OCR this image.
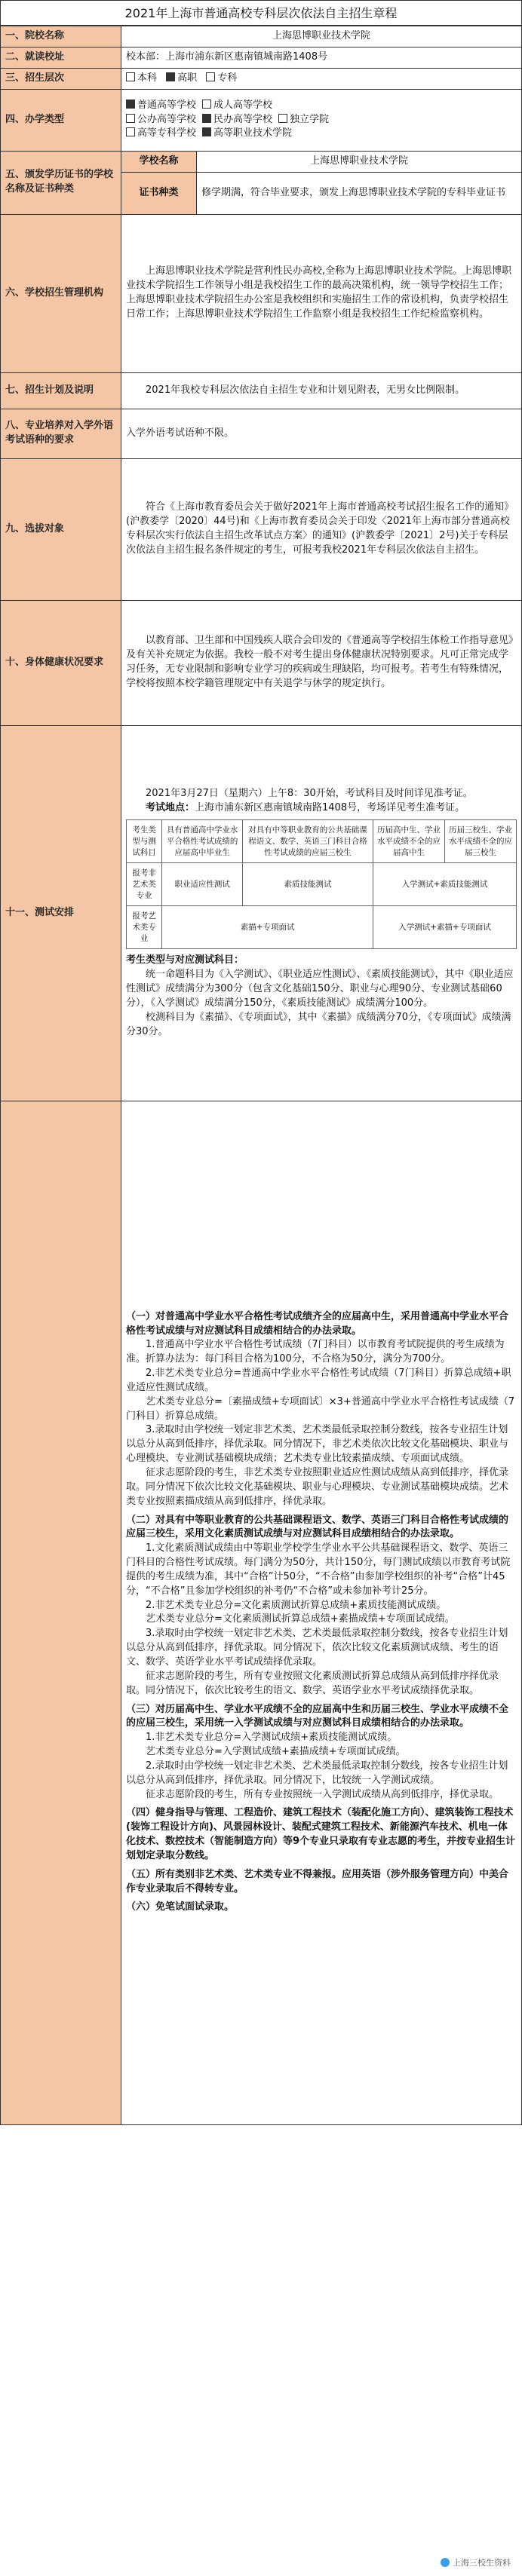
2021年上海市普通高校专科层次依法自主招生章程
一、院校名称	上海思博职业技术学院
二、就读校址	校本部：上海市浦东新区惠南镇城南路1408号
三、招生层次	本科 高职 专科
四、办学类型	
普通高等学校 成人高等学校
公办高等学校 民办高等学校 独立学院
高等专科学校 高等职业技术学院

五、颁发学历证书的学校名称及证书种类	学校名称	上海思博职业技术学院
证书种类	修学期满，符合毕业要求，颁发上海思博职业技术学院的专科毕业证书
六、学校招生管理机构	上海思博职业技术学院是营利性民办高校,全称为上海思博职业技术学院。上海思博职业技术学院招生工作领导小组是我校招生工作的最高决策机构，统一领导学校招生工作；上海思博职业技术学院招生办公室是我校组织和实施招生工作的常设机构，负责学校招生日常工作；上海思博职业技术学院招生工作监察小组是我校招生工作纪检监察机构。
七、招生计划及说明	2021年我校专科层次依法自主招生专业和计划见附表，无男女比例限制。
八、专业培养对入学外语考试语种的要求	入学外语考试语种不限。
九、选拔对象	符合《上海市教育委员会关于做好2021年上海市普通高校考试招生报名工作的通知》(沪教委学〔2020〕44号)和《上海市教育委员会关于印发〈2021年上海市部分普通高校专科层次实行依法自主招生改革试点方案〉的通知》(沪教委学〔2021〕2号)关于专科层次依法自主招生报名条件规定的考生，可报考我校2021年专科层次依法自主招生。
十、身体健康状况要求	以教育部、卫生部和中国残疾人联合会印发的《普通高等学校招生体检工作指导意见》及有关补充规定为依据。我校一般不对考生提出身体健康状况特别要求。凡可正常完成学习任务，无专业限制和影响专业学习的疾病或生理缺陷，均可报考。若考生有特殊情况，学校将按照本校学籍管理规定中有关退学与休学的规定执行。
十一、测试安排	
2021年3月27日（星期六）上午8：30开始，考试科目及时间详见准考证。
考试地点：上海市浦东新区惠南镇城南路1408号，考场详见考生准考证。
考生类型与测试科目	具有普通高中学业水平合格性考试成绩的应届高中毕业生	对具有中等职业教育的公共基础课程语文、数学、英语三门科目合格性考试成绩的应届三校生	历届高中生、学业水平成绩不全的应届高中生	历届三校生、学业水平成绩不全的应届三校生
报考非艺术类专业	职业适应性测试	素质技能测试	入学测试+素质技能测试
报考艺术类专业	素描+专项面试	入学测试+素描+专项面试
考生类型与对应测试科目：
统一命题科目为《入学测试》、《职业适应性测试》、《素质技能测试》，其中《职业适应性测试》成绩满分为300分（包含文化基础150分、职业与心理90分、专业测试基础60分），《入学测试》成绩满分150分，《素质技能测试》成绩满分100分。
校测科目为《素描》、《专项面试》，其中《素描》成绩满分70分，《专项面试》成绩满分30分。

（一）对普通高中学业水平合格性考试成绩齐全的应届高中生，采用普通高中学业水平合格性考试成绩与对应测试科目成绩相结合的办法录取。
1.普通高中学业水平合格性考试成绩（7门科目）以市教育考试院提供的考生成绩为准。折算办法为：每门科目合格为100分，不合格为50分，满分为700分。
2.非艺术类专业总分=普通高中学业水平合格性考试成绩（7门科目）折算总成绩+职业适应性测试成绩。
艺术类专业总分=〔素描成绩+专项面试〕×3+普通高中学业水平合格性考试成绩（7门科目）折算总成绩。
3.录取时由学校统一划定非艺术类、艺术类最低录取控制分数线，按各专业招生计划以总分从高到低排序，择优录取。同分情况下，非艺术类依次比较文化基础模块、职业与心理模块、专业测试基础模块成绩；艺术类专业比较素描成绩、专项面试成绩。
征求志愿阶段的考生，非艺术类专业按照职业适应性测试成绩从高到低排序，择优录取。同分情况下依次比较文化基础模块、职业与心理模块、专业测试基础模块成绩。艺术类专业按照素描成绩从高到低排序，择优录取。
（二）对具有中等职业教育的公共基础课程语文、数学、英语三门科目合格性考试成绩的应届三校生，采用文化素质测试成绩与对应测试科目成绩相结合的办法录取。
1.文化素质测试成绩由中等职业学校学生学业水平公共基础课程语文、数学、英语三门科目的合格性考试成绩。每门满分为50分，共计150分，每门测试成绩以市教育考试院提供的考生成绩为准，其中“合格”计50分，“不合格”由参加学校组织的补考“合格”计45分，“不合格”且参加学校组织的补考仍“不合格”或未参加补考计25分。
2.非艺术类专业总分=文化素质测试折算总成绩+素质技能测试成绩。
艺术类专业总分=文化素质测试折算总成绩+素描成绩+专项面试成绩。
3.录取时由学校统一划定非艺术类、艺术类最低录取控制分数线，按各专业招生计划以总分从高到低排序，择优录取。同分情况下，依次比较文化素质测试成绩、考生的语文、数学、英语学业水平考试成绩择优录取。
征求志愿阶段的考生，所有专业按照文化素质测试折算总成绩从高到低排序择优录取。同分情况下，依次比较考生的语文、数学、英语学业水平考试成绩择优录取。
（三）对历届高中生、学业水平成绩不全的应届高中生和历届三校生、学业水平成绩不全的应届三校生，采用统一入学测试成绩与对应测试科目成绩相结合的办法录取。
1.非艺术类专业总分=入学测试成绩+素质技能测试成绩。
艺术类专业总分=入学测试成绩+素描成绩+专项面试成绩。
2.录取时由学校统一划定非艺术类、艺术类最低录取控制分数线，按各专业招生计划以总分从高到低排序，择优录取。同分情况下，比较统一入学测试成绩。
征求志愿阶段的考生，所有专业按照统一入学测试成绩从高到低排序，择优录取。
（四）健身指导与管理、工程造价、建筑工程技术（装配化施工方向）、建筑装饰工程技术(装饰工程设计方向)、风景园林设计、装配式建筑工程技术、新能源汽车技术、机电一体化技术、数控技术（智能制造方向）等9个专业只录取有专业志愿的考生，并按专业招生计划划定录取分数线。
（五）所有类别非艺术类、艺术类专业不得兼报。应用英语（涉外服务管理方向）中美合作专业录取后不得转专业。
（六）免笔试面试录取。
上海三校生资料
